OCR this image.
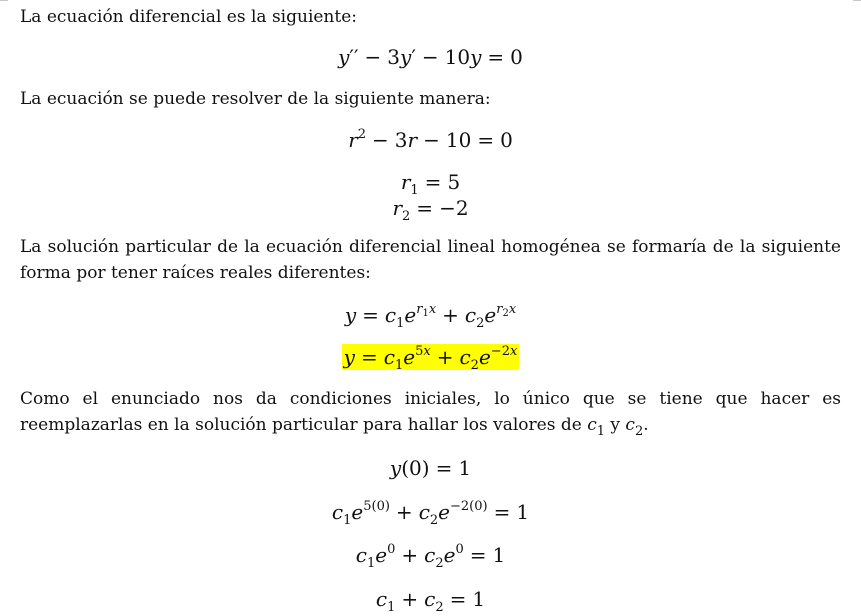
La ecuación diferencial es la siguiente:
y′′ − 3y′ − 10y = 0
La ecuación se puede resolver de la siguiente manera:
$r^2 - 3r - 10 = 0$
$r_1 = 5$
$r_2 = -2$
La solución particular de la ecuación diferencial lineal homogénea se formaría de la siguiente forma por tener raíces reales diferentes:
$y = c_1e^{r_1x} + c_2e^{r_2x}$
$y = c_1e^{5x} + c_2e^{-2x}$
Como el enunciado nos da condiciones iniciales, lo único que se tiene que hacer es reemplazarlas en la solución particular para hallar los valores de $c_1$ y $c_2$.
y(0) = 1
$c_1e^{5(0)} + c_2e^{-2(0)} = 1$
$c_1e^0 + c_2e^0 = 1$
$c_1 + c_2 = 1$
